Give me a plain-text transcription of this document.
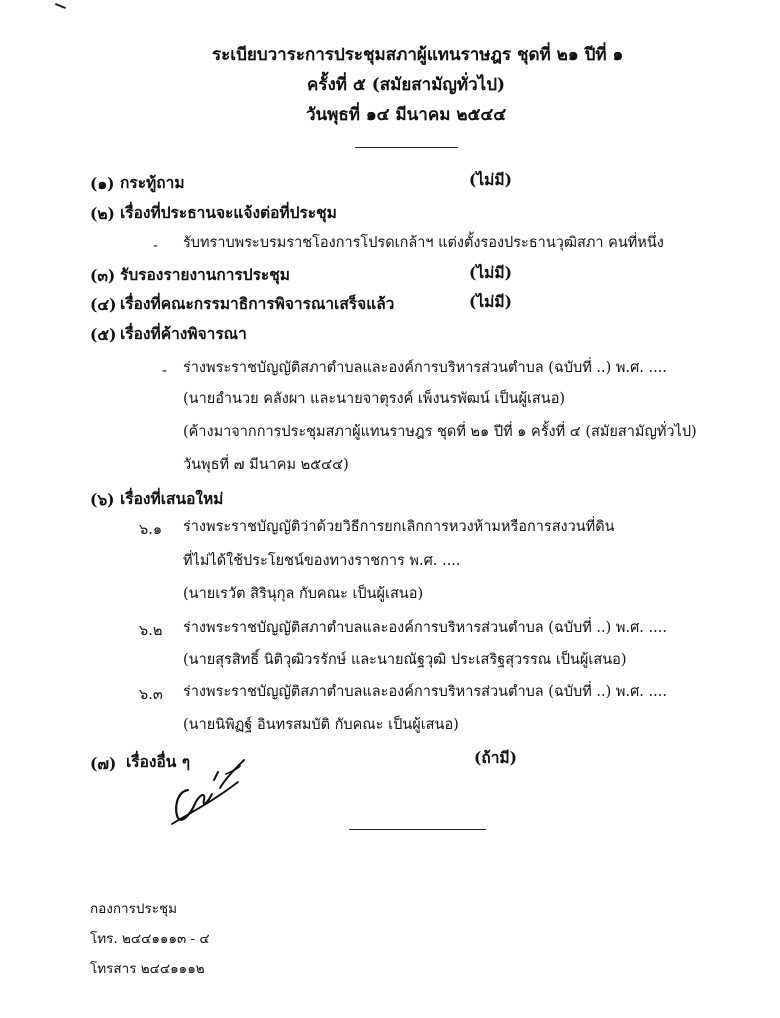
ระเบียบวาระการประชุมสภาผู้แทนราษฎร ชุดที่ ๒๑ ปีที่ ๑
ครั้งที่ ๕ (สมัยสามัญทั่วไป)
วันพุธที่ ๑๔ มีนาคม ๒๕๔๔
(๑) กระทู้ถาม	(ไม่มี)
(๒) เรื่องที่ประธานจะแจ้งต่อที่ประชุม
- รับทราบพระบรมราชโองการโปรดเกล้าฯ แต่งตั้งรองประธานวุฒิสภา คนที่หนึ่ง
(๓) รับรองรายงานการประชุม	(ไม่มี)
(๔) เรื่องที่คณะกรรมาธิการพิจารณาเสร็จแล้ว	(ไม่มี)
(๕) เรื่องที่ค้างพิจารณา
- ร่างพระราชบัญญัติสภาตำบลและองค์การบริหารส่วนตำบล (ฉบับที่ ..) พ.ศ. ....
(นายอำนวย คลังผา และนายจาตุรงค์ เพ็งนรพัฒน์ เป็นผู้เสนอ)
(ค้างมาจากการประชุมสภาผู้แทนราษฎร ชุดที่ ๒๑ ปีที่ ๑ ครั้งที่ ๔ (สมัยสามัญทั่วไป)
วันพุธที่ ๗ มีนาคม ๒๕๔๔)
(๖) เรื่องที่เสนอใหม่
๖.๑ ร่างพระราชบัญญัติว่าด้วยวิธีการยกเลิกการหวงห้ามหรือการสงวนที่ดิน
ที่ไม่ได้ใช้ประโยชน์ของทางราชการ พ.ศ. ....
(นายเรวัต สิรินุกุล กับคณะ เป็นผู้เสนอ)
๖.๒ ร่างพระราชบัญญัติสภาตำบลและองค์การบริหารส่วนตำบล (ฉบับที่ ..) พ.ศ. ....
(นายสุรสิทธิ์ นิติวุฒิวรรักษ์ และนายณัฐวุฒิ ประเสริฐสุวรรณ เป็นผู้เสนอ)
๖.๓ ร่างพระราชบัญญัติสภาตำบลและองค์การบริหารส่วนตำบล (ฉบับที่ ..) พ.ศ. ....
(นายนิพิฏฐ์ อินทรสมบัติ กับคณะ เป็นผู้เสนอ)
(๗) เรื่องอื่น ๆ	(ถ้ามี)
กองการประชุม
โทร. ๒๔๔๑๑๑๓ - ๔
โทรสาร ๒๔๔๑๑๑๒
